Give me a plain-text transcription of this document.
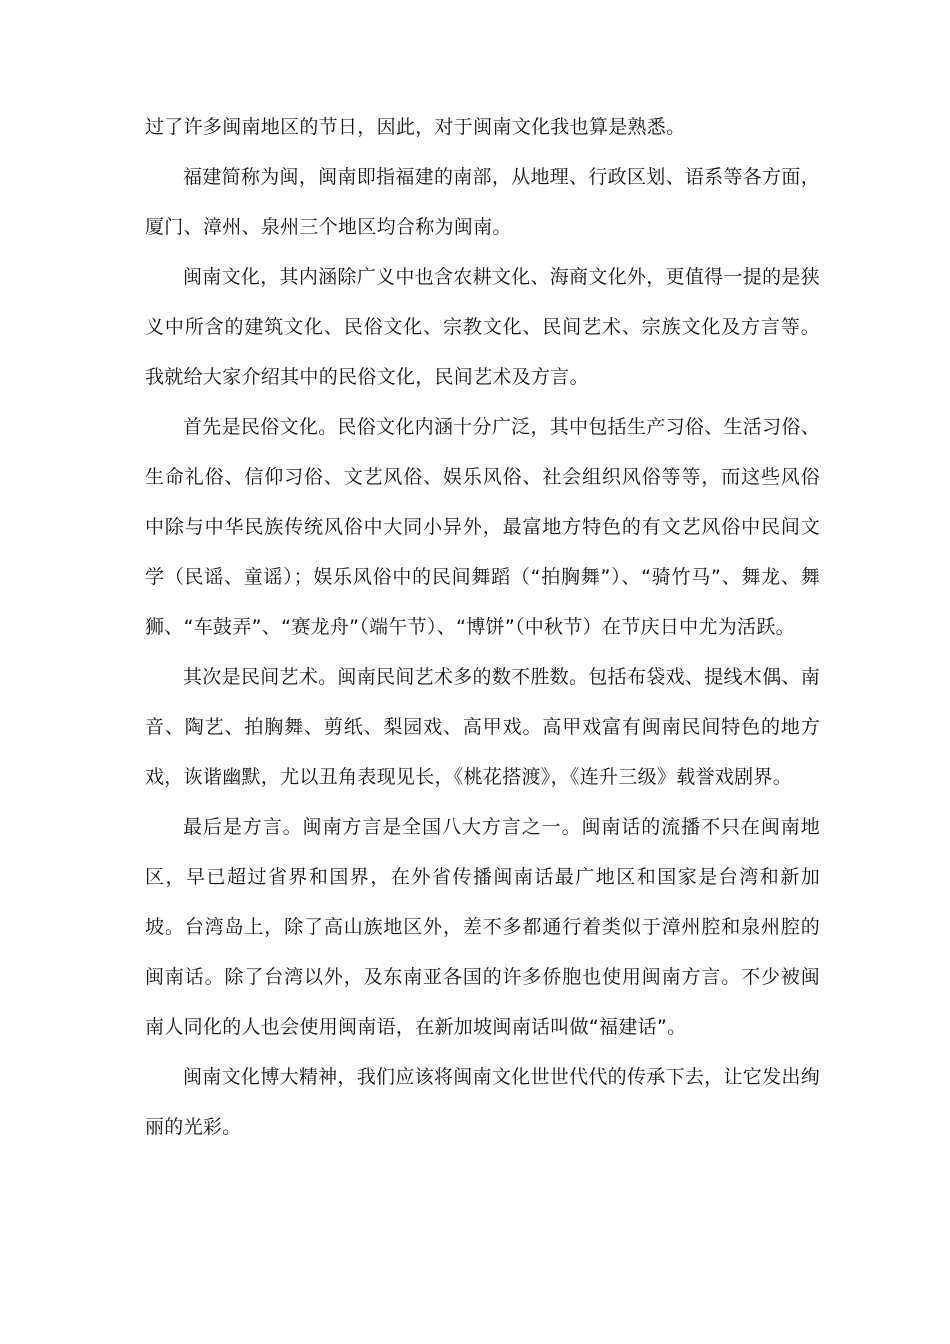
过了许多闽南地区的节日，因此，对于闽南文化我也算是熟悉。

福建简称为闽，闽南即指福建的南部，从地理、行政区划、语系等各方面，厦门、漳州、泉州三个地区均合称为闽南。

闽南文化，其内涵除广义中也含农耕文化、海商文化外，更值得一提的是狭义中所含的建筑文化、民俗文化、宗教文化、民间艺术、宗族文化及方言等。我就给大家介绍其中的民俗文化，民间艺术及方言。

首先是民俗文化。民俗文化内涵十分广泛，其中包括生产习俗、生活习俗、生命礼俗、信仰习俗、文艺风俗、娱乐风俗、社会组织风俗等等，而这些风俗中除与中华民族传统风俗中大同小异外，最富地方特色的有文艺风俗中民间文学（民谣、童谣）；娱乐风俗中的民间舞蹈（“拍胸舞”）、“骑竹马”、舞龙、舞狮、“车鼓弄”、“赛龙舟”（端午节）、“博饼”（中秋节）在节庆日中尤为活跃。

其次是民间艺术。闽南民间艺术多的数不胜数。包括布袋戏、提线木偶、南音、陶艺、拍胸舞、剪纸、梨园戏、高甲戏。高甲戏富有闽南民间特色的地方戏，诙谐幽默，尤以丑角表现见长，《桃花搭渡》，《连升三级》载誉戏剧界。

最后是方言。闽南方言是全国八大方言之一。闽南话的流播不只在闽南地区，早已超过省界和国界，在外省传播闽南话最广地区和国家是台湾和新加坡。台湾岛上，除了高山族地区外，差不多都通行着类似于漳州腔和泉州腔的闽南话。除了台湾以外，及东南亚各国的许多侨胞也使用闽南方言。不少被闽南人同化的人也会使用闽南语，在新加坡闽南话叫做“福建话”。

闽南文化博大精神，我们应该将闽南文化世世代代的传承下去，让它发出绚丽的光彩。
